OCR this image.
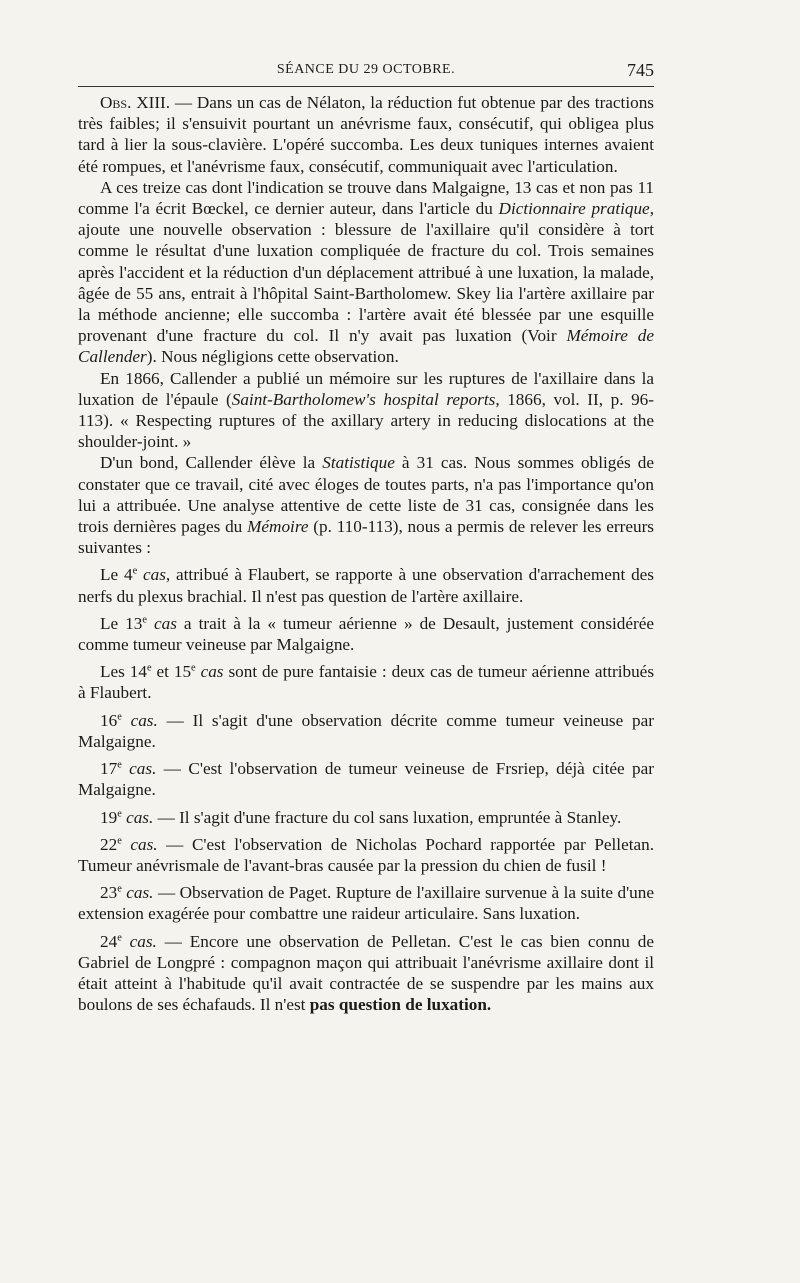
SÉANCE DU 29 OCTOBRE.	745

Obs. XIII. — Dans un cas de Nélaton, la réduction fut obtenue par des tractions très faibles; il s'ensuivit pourtant un anévrisme faux, consécutif, qui obligea plus tard à lier la sous-clavière. L'opéré succomba. Les deux tuniques internes avaient été rompues, et l'anévrisme faux, consécutif, communiquait avec l'articulation.

A ces treize cas dont l'indication se trouve dans Malgaigne, 13 cas et non pas 11 comme l'a écrit Bœckel, ce dernier auteur, dans l'article du Dictionnaire pratique, ajoute une nouvelle observation : blessure de l'axillaire qu'il considère à tort comme le résultat d'une luxation compliquée de fracture du col. Trois semaines après l'accident et la réduction d'un déplacement attribué à une luxation, la malade, âgée de 55 ans, entrait à l'hôpital Saint-Bartholomew. Skey lia l'artère axillaire par la méthode ancienne; elle succomba : l'artère avait été blessée par une esquille provenant d'une fracture du col. Il n'y avait pas luxation (Voir Mémoire de Callender). Nous négligions cette observation.

En 1866, Callender a publié un mémoire sur les ruptures de l'axillaire dans la luxation de l'épaule (Saint-Bartholomew's hospital reports, 1866, vol. II, p. 96-113). « Respecting ruptures of the axillary artery in reducing dislocations at the shoulder-joint. »

D'un bond, Callender élève la Statistique à 31 cas. Nous sommes obligés de constater que ce travail, cité avec éloges de toutes parts, n'a pas l'importance qu'on lui a attribuée. Une analyse attentive de cette liste de 31 cas, consignée dans les trois dernières pages du Mémoire (p. 110-113), nous a permis de relever les erreurs suivantes :

Le 4e cas, attribué à Flaubert, se rapporte à une observation d'arrachement des nerfs du plexus brachial. Il n'est pas question de l'artère axillaire.

Le 13e cas a trait à la « tumeur aérienne » de Desault, justement considérée comme tumeur veineuse par Malgaigne.

Les 14e et 15e cas sont de pure fantaisie : deux cas de tumeur aérienne attribués à Flaubert.

16e cas. — Il s'agit d'une observation décrite comme tumeur veineuse par Malgaigne.

17e cas. — C'est l'observation de tumeur veineuse de Frsriep, déjà citée par Malgaigne.

19e cas. — Il s'agit d'une fracture du col sans luxation, empruntée à Stanley.

22e cas. — C'est l'observation de Nicholas Pochard rapportée par Pelletan. Tumeur anévrismale de l'avant-bras causée par la pression du chien de fusil !

23e cas. — Observation de Paget. Rupture de l'axillaire survenue à la suite d'une extension exagérée pour combattre une raideur articulaire. Sans luxation.

24e cas. — Encore une observation de Pelletan. C'est le cas bien connu de Gabriel de Longpré : compagnon maçon qui attribuait l'anévrisme axillaire dont il était atteint à l'habitude qu'il avait contractée de se suspendre par les mains aux boulons de ses échafauds. Il n'est pas question de luxation.
